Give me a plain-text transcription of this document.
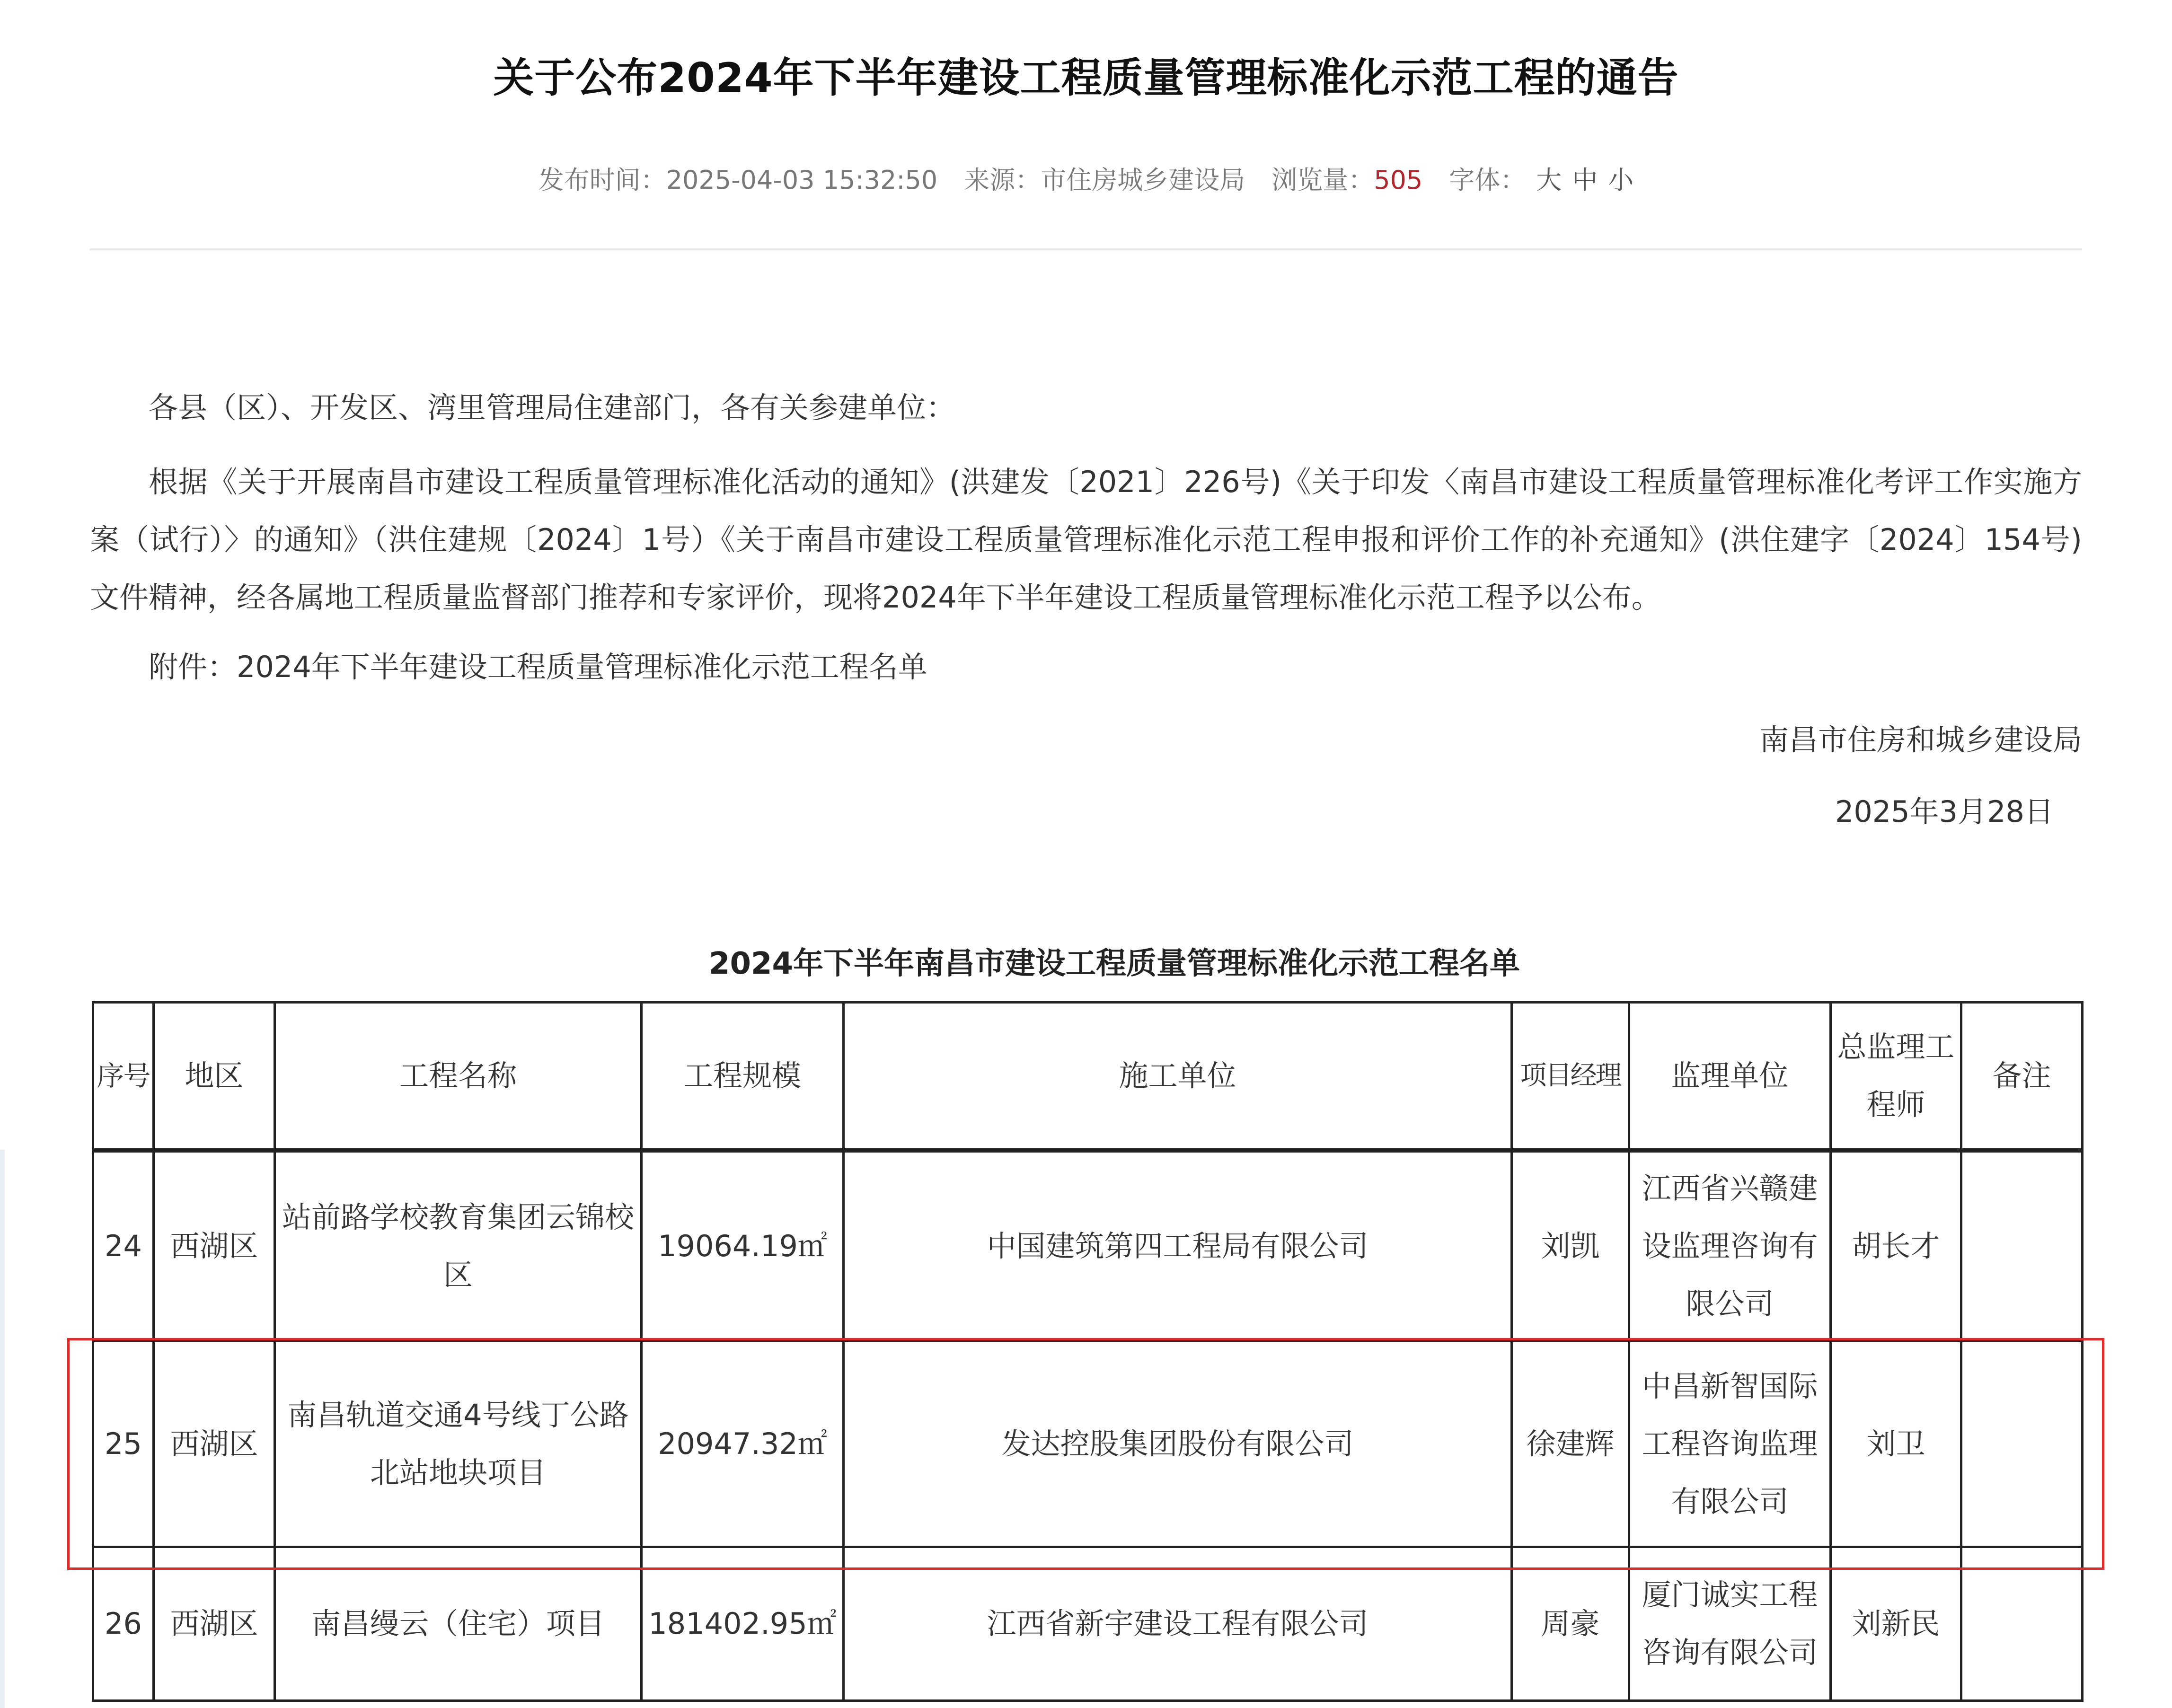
关于公布2024年下半年建设工程质量管理标准化示范工程的通告
发布时间：2025-04-03 15:32:50 来源：市住房城乡建设局 浏览量：505 字体： 大 中 小
各县（区）、开发区、湾里管理局住建部门，各有关参建单位：
根据《关于开展南昌市建设工程质量管理标准化活动的通知》(洪建发〔2021〕226号)《关于印发〈南昌市建设工程质量管理标准化考评工作实施方案（试行）〉的通知》（洪住建规〔2024〕1号）《关于南昌市建设工程质量管理标准化示范工程申报和评价工作的补充通知》(洪住建字〔2024〕154号)文件精神，经各属地工程质量监督部门推荐和专家评价，现将2024年下半年建设工程质量管理标准化示范工程予以公布。
附件：2024年下半年建设工程质量管理标准化示范工程名单
南昌市住房和城乡建设局
2025年3月28日
2024年下半年南昌市建设工程质量管理标准化示范工程名单
序号	地区	工程名称	工程规模	施工单位	项目经理	监理单位	总监理工程师	备注
24	西湖区	站前路学校教育集团云锦校区	19064.19㎡	中国建筑第四工程局有限公司	刘凯	江西省兴赣建设监理咨询有限公司	胡长才	
25	西湖区	南昌轨道交通4号线丁公路北站地块项目	20947.32㎡	发达控股集团股份有限公司	徐建辉	中昌新智国际工程咨询监理有限公司	刘卫	
26	西湖区	南昌缦云（住宅）项目	181402.95㎡	江西省新宇建设工程有限公司	周豪	厦门诚实工程咨询有限公司	刘新民	
